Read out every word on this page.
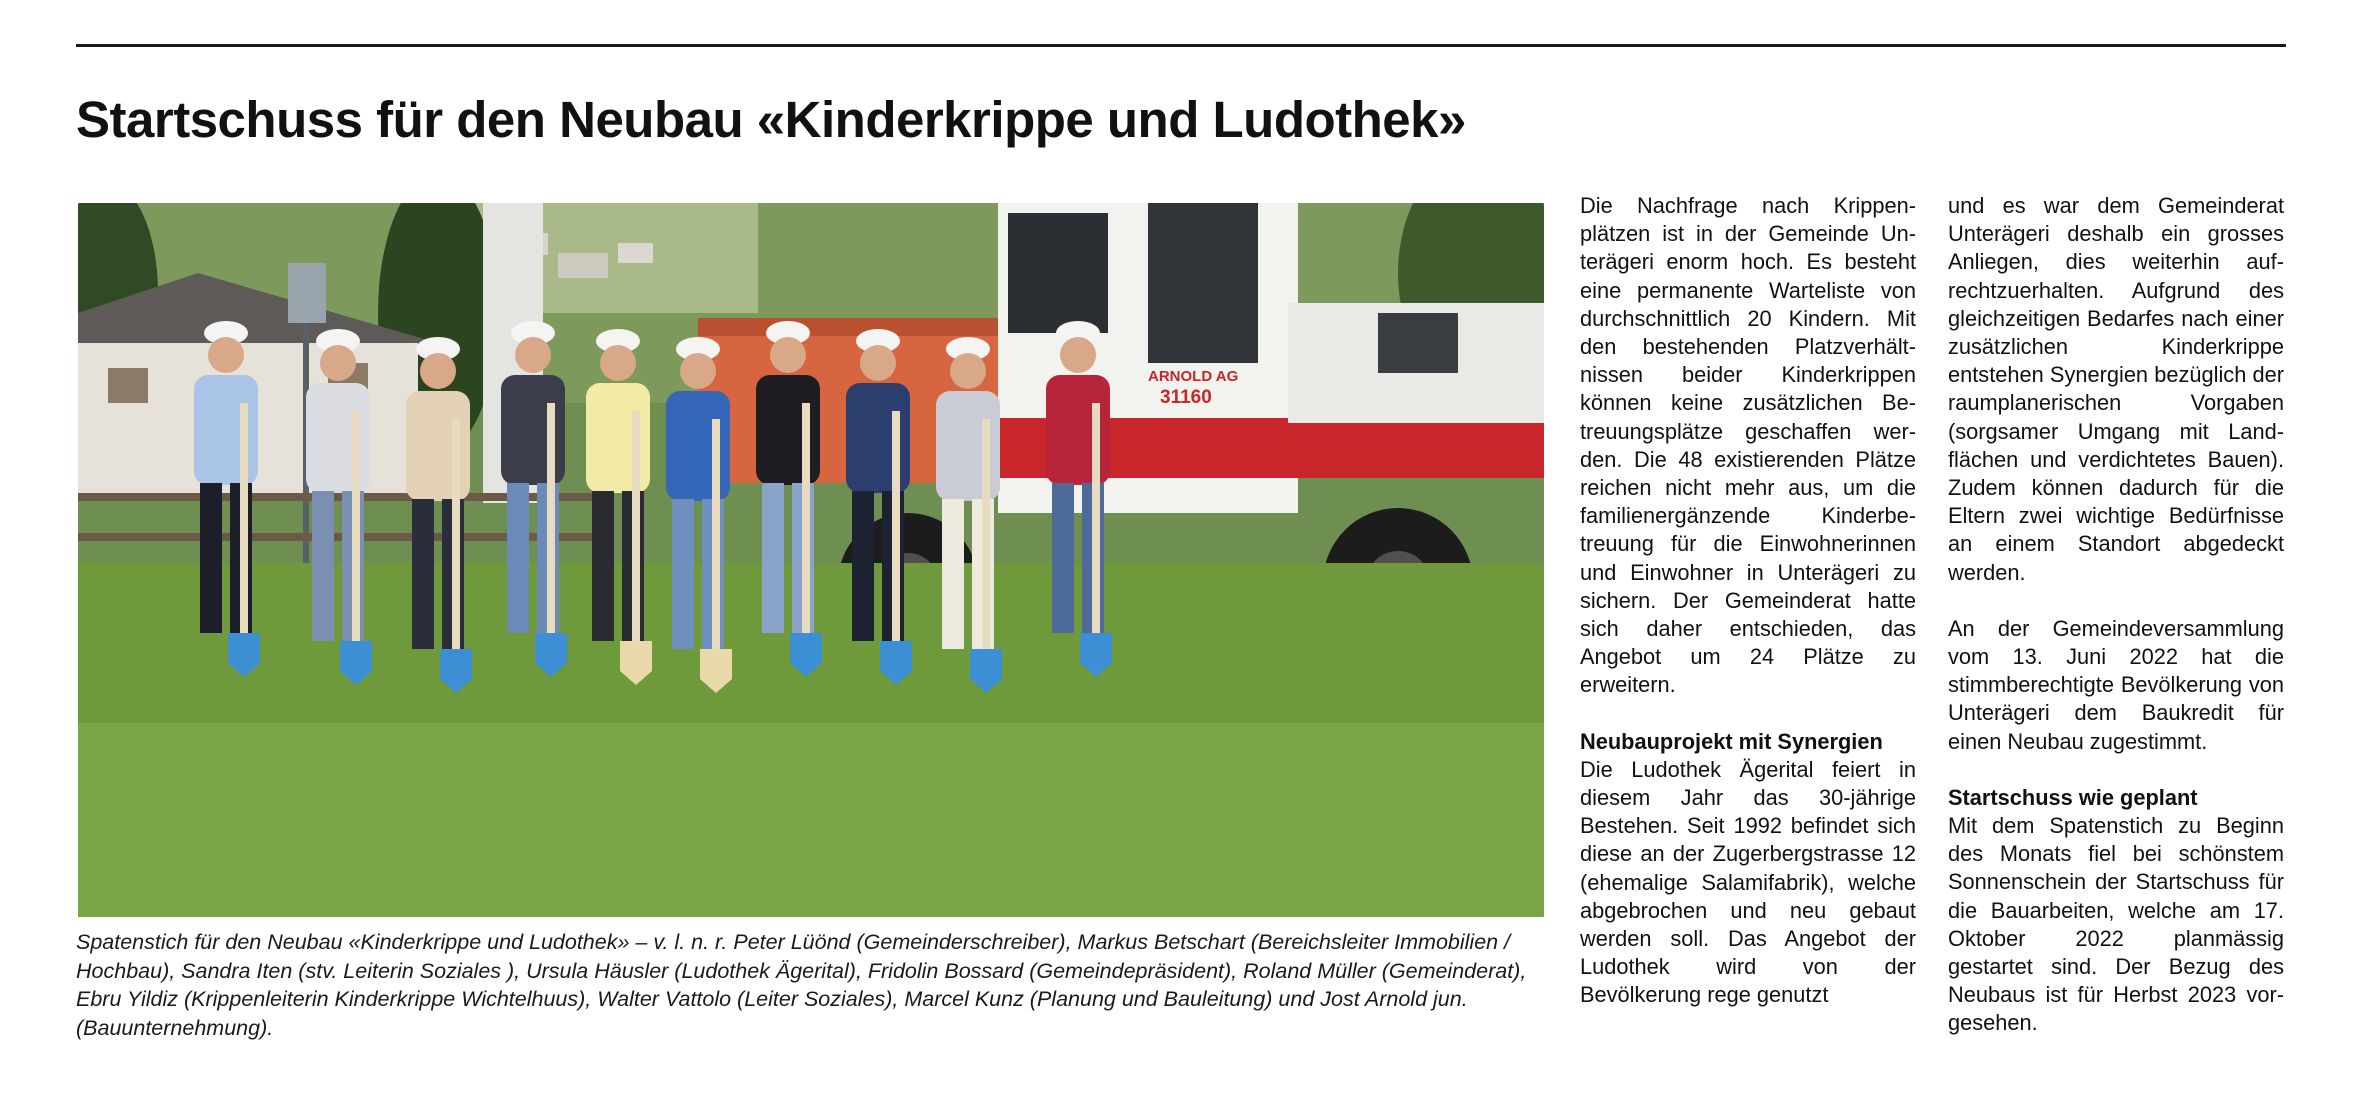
Startschuss für den Neubau «Kinderkrippe und Ludothek»
ARNOLD AG
31160
Spatenstich für den Neubau «Kinderkrippe und Ludothek» – v. l. n. r. Peter Lüönd (Gemeinderschreiber), Markus Betschart (Bereichsleiter Immobilien / Hochbau), Sandra Iten (stv. Leiterin Soziales ), Ursula Häusler (Ludothek Ägerital), Fridolin Bossard (Gemeindepräsident), Roland Müller (Gemeinderat), Ebru Yildiz (Krippenleiterin Kinderkrippe Wichtelhuus), Walter Vattolo (Leiter Soziales), Marcel Kunz (Planung und Bauleitung) und Jost Arnold jun. (Bauunternehmung).

Die Nachfrage nach Krippenplätzen ist in der Gemeinde Unterägeri enorm hoch. Es besteht eine permanente Warteliste von durchschnittlich 20 Kindern. Mit den bestehenden Platzverhältnissen beider Kinderkrippen können keine zusätzlichen Betreuungsplätze geschaffen werden. Die 48 existierenden Plätze reichen nicht mehr aus, um die familienergänzende Kinderbetreuung für die Einwohnerinnen und Einwohner in Unterägeri zu sichern. Der Gemeinderat hatte sich daher entschieden, das Angebot um 24 Plätze zu erweitern.

Neubauprojekt mit Synergien

Die Ludothek Ägerital feiert in diesem Jahr das 30-jährige Bestehen. Seit 1992 befindet sich diese an der Zugerbergstrasse 12 (ehemalige Salamifabrik), welche abgebrochen und neu gebaut werden soll. Das Angebot der Ludothek wird von der Bevölkerung rege genutzt

und es war dem Gemeinderat Unterägeri deshalb ein grosses Anliegen, dies weiterhin aufrechtzuerhalten. Aufgrund des gleichzeitigen Bedarfes nach einer zusätzlichen Kinderkrippe entstehen Synergien bezüglich der raumplanerischen Vorgaben (sorgsamer Umgang mit Landflächen und verdichtetes Bauen). Zudem können dadurch für die Eltern zwei wichtige Bedürfnisse an einem Standort abgedeckt werden.

An der Gemeindeversammlung vom 13. Juni 2022 hat die stimmberechtigte Bevölkerung von Unterägeri dem Baukredit für einen Neubau zugestimmt.

Startschuss wie geplant

Mit dem Spatenstich zu Beginn des Monats fiel bei schönstem Sonnenschein der Startschuss für die Bauarbeiten, welche am 17. Oktober 2022 planmässig gestartet sind. Der Bezug des Neubaus ist für Herbst 2023 vorgesehen.
